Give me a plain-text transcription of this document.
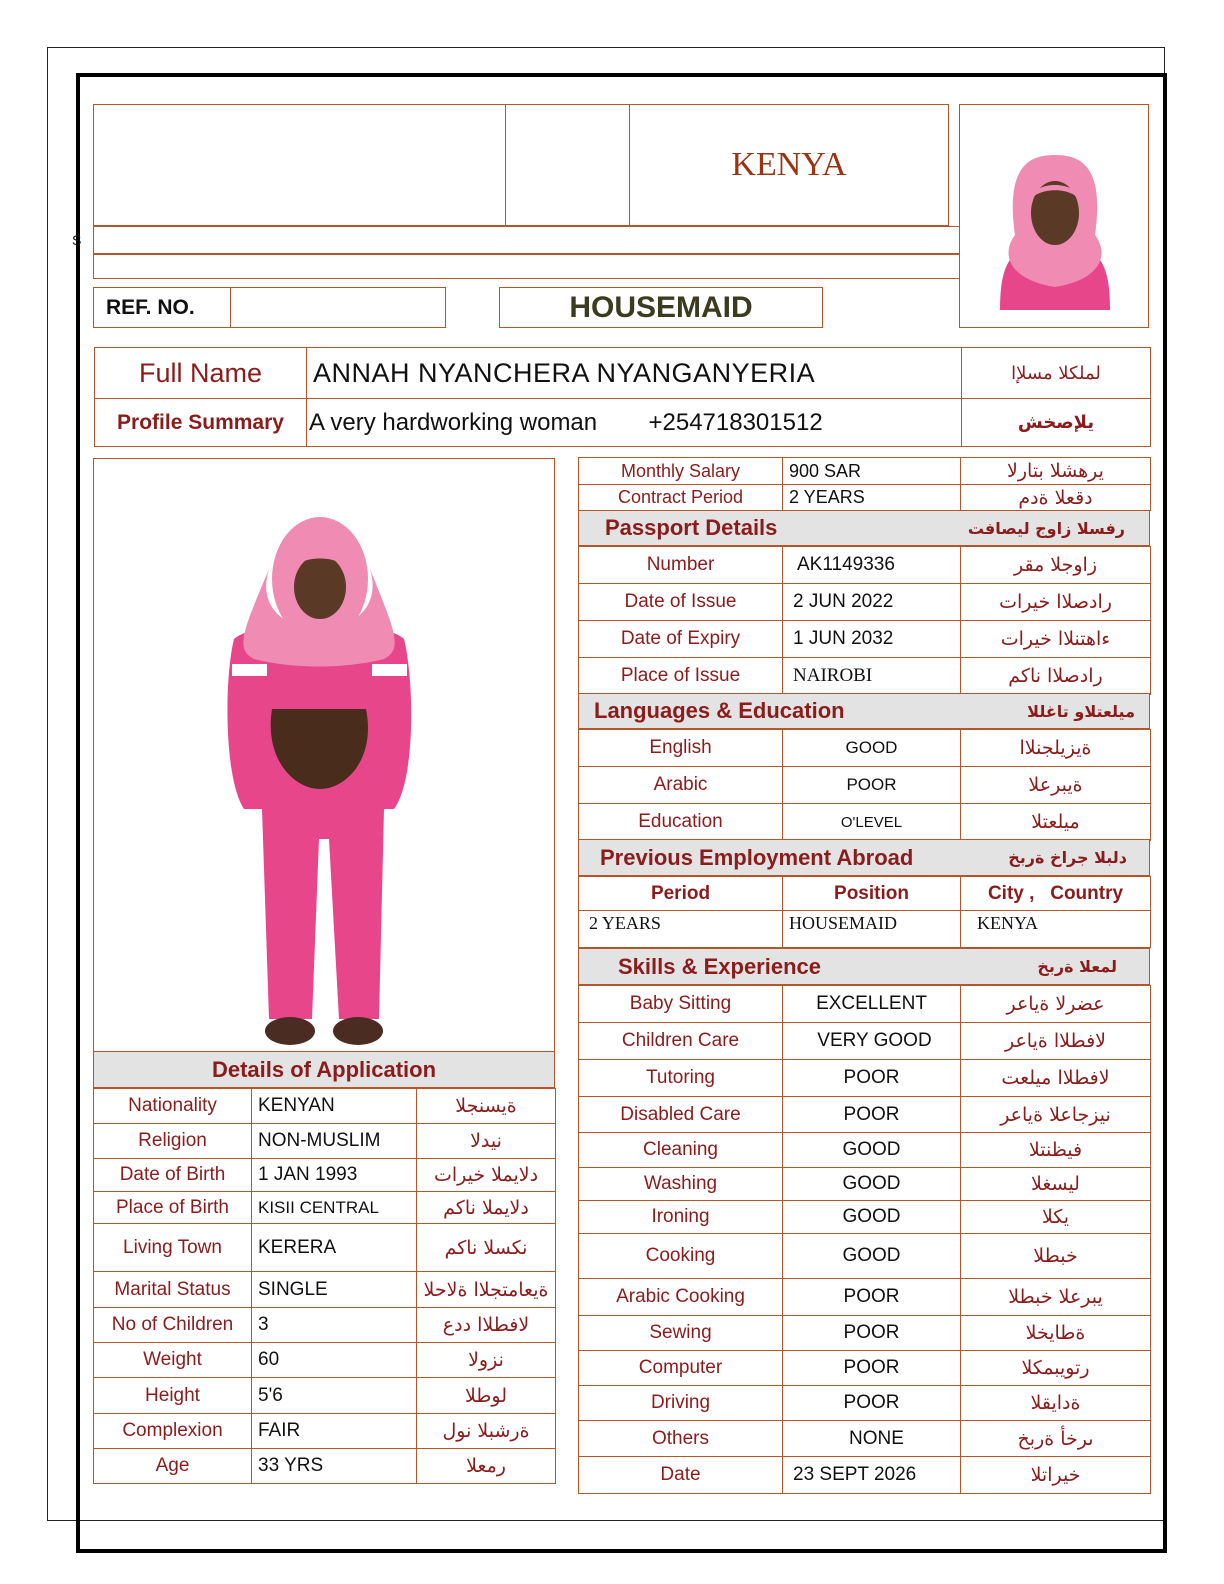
S
KENYA
REF. NO.	HOUSEMAID
Full Name	ANNAH NYANCHERA NYANGANYERIA	لملكلا مسلإا
Profile Summary	A very hardworking woman +254718301512	يلإصخش
Details of Application
Nationality	KENYAN	ةيسنجلا
Religion	NON-MUSLIM	نيدلا
Date of Birth	1 JAN 1993	دلايملا خيرات
Place of Birth	KISII CENTRAL	دلايملا ناكم
Living Town	KERERA	نكسلا ناكم
Marital Status	SINGLE	ةيعامتجلاا ةلاحلا
No of Children	3	لافطلاا ددع
Weight	60	نزولا
Height	5'6	لوطلا
Complexion	FAIR	ةرشبلا نول
Age	33 YRS	رمعلا
Monthly Salary	900 SAR	يرهشلا بتارلا
Contract Period	2 YEARS	دقعلا ةدم
Passport Details	رفسلا زاوج ليصافت
Number	AK1149336	زاوجلا مقر
Date of Issue	2 JUN 2022	رادصلاا خيرات
Date of Expiry	1 JUN 2032	ءاهتنلاا خيرات
Place of Issue	NAIROBI	رادصلاا ناكم
Languages & Education	ميلعتلاو تاغللا
English	GOOD	ةيزيلجنلاا
Arabic	POOR	ةيبرعلا
Education	O'LEVEL	ميلعتلا
Previous Employment Abroad	دلبلا جراخ ةربخ
Period	Position	City ,   Country
2 YEARS	HOUSEMAID	KENYA
Skills & Experience	لمعلا ةربخ
Baby Sitting	EXCELLENT	عضرلا ةياعر
Children Care	VERY GOOD	لافطلاا ةياعر
Tutoring	POOR	لافطلاا ميلعت
Disabled Care	POOR	نيزجاعلا ةياعر
Cleaning	GOOD	فيظنتلا
Washing	GOOD	ليسغلا
Ironing	GOOD	يكلا
Cooking	GOOD	خبطلا
Arabic Cooking	POOR	يبرعلا خبطلا
Sewing	POOR	ةطايخلا
Computer	POOR	رتويبمكلا
Driving	POOR	ةدايقلا
Others	NONE	ىرخأ ةربخ
Date	23 SEPT 2026	خيراتلا
